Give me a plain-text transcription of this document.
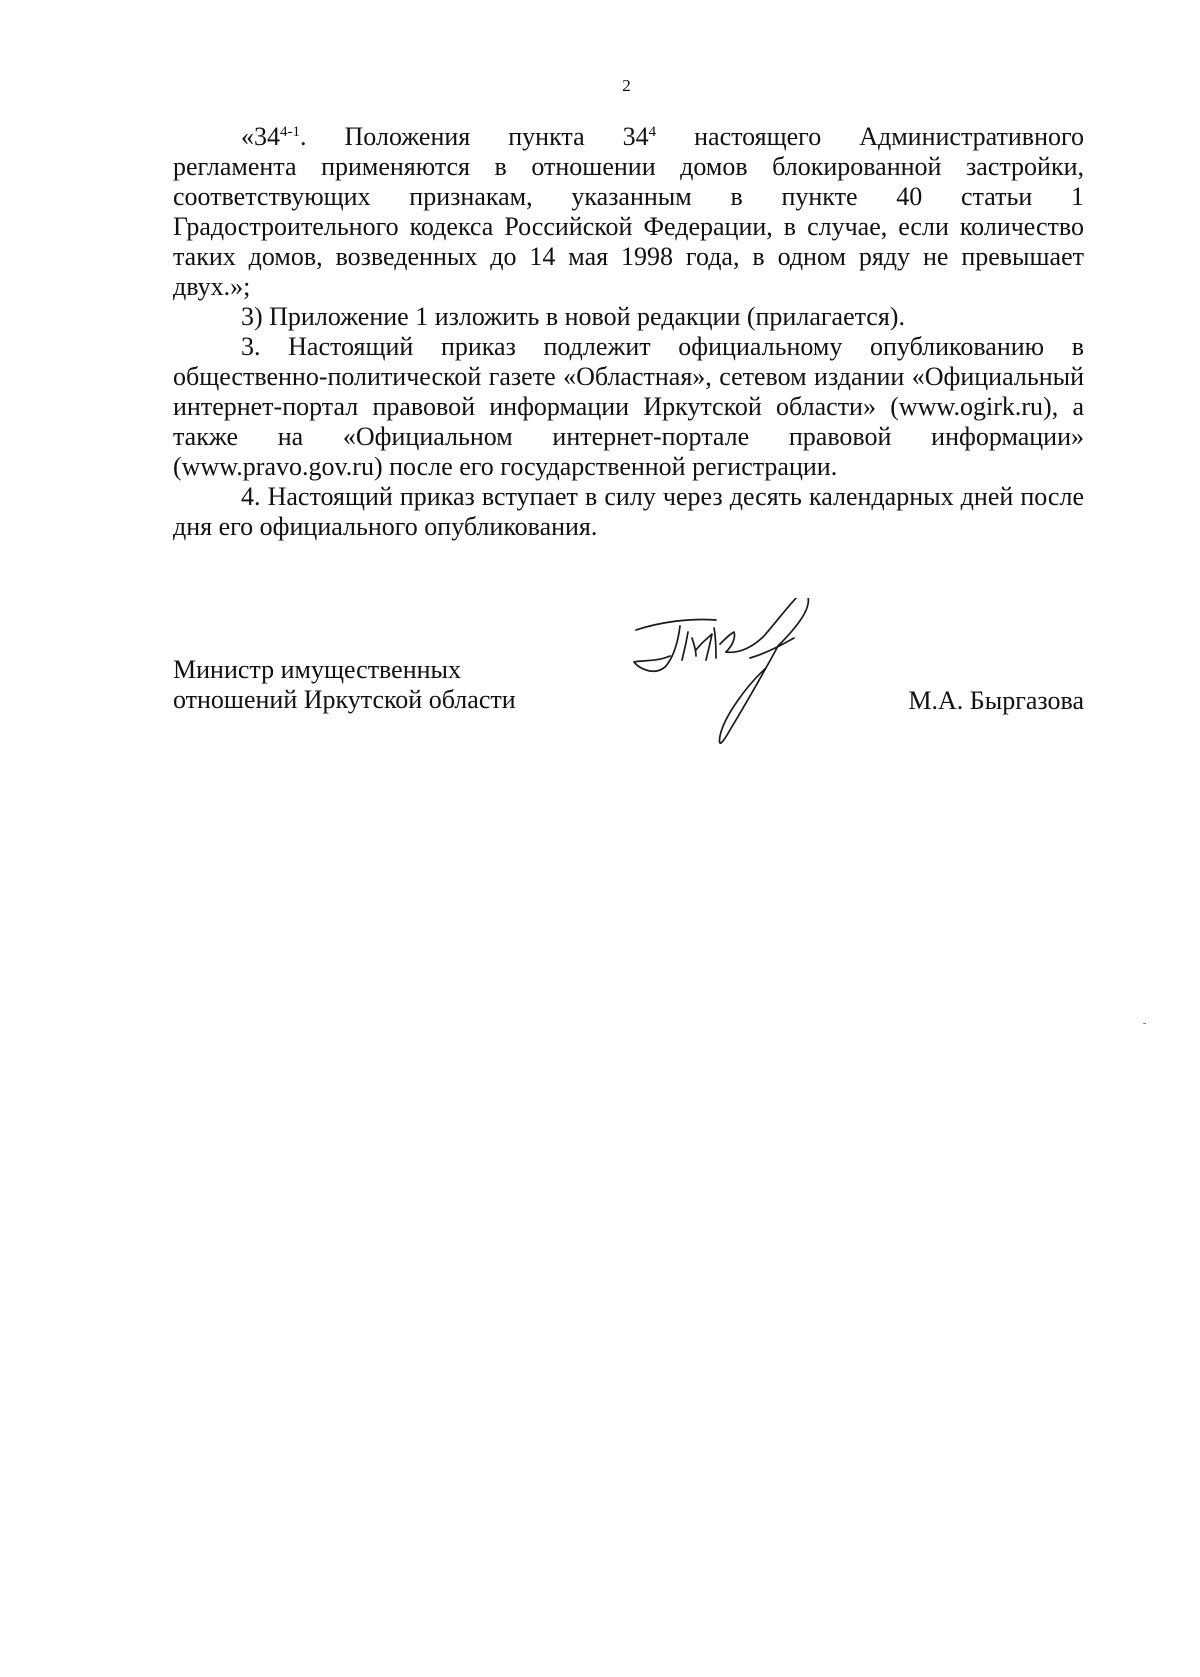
2

«34$^{4-1}$. Положения пункта $34^4$ настоящего Административного регламента применяются в отношении домов блокированной застройки, соответствующих признакам, указанным в пункте 40 статьи 1 Градостроительного кодекса Российской Федерации, в случае, если количество таких домов, возведенных до 14 мая 1998 года, в одном ряду не превышает двух.»;

3) Приложение 1 изложить в новой редакции (прилагается).

3. Настоящий приказ подлежит официальному опубликованию в общественно-политической газете «Областная», сетевом издании «Официальный интернет-портал правовой информации Иркутской области» (www.ogirk.ru), а также на «Официальном интернет-портале правовой информации» (www.pravo.gov.ru) после его государственной регистрации.

4. Настоящий приказ вступает в силу через десять календарных дней после дня его официального опубликования.

Министр имущественных
отношений Иркутской области	М.А. Быргазова
